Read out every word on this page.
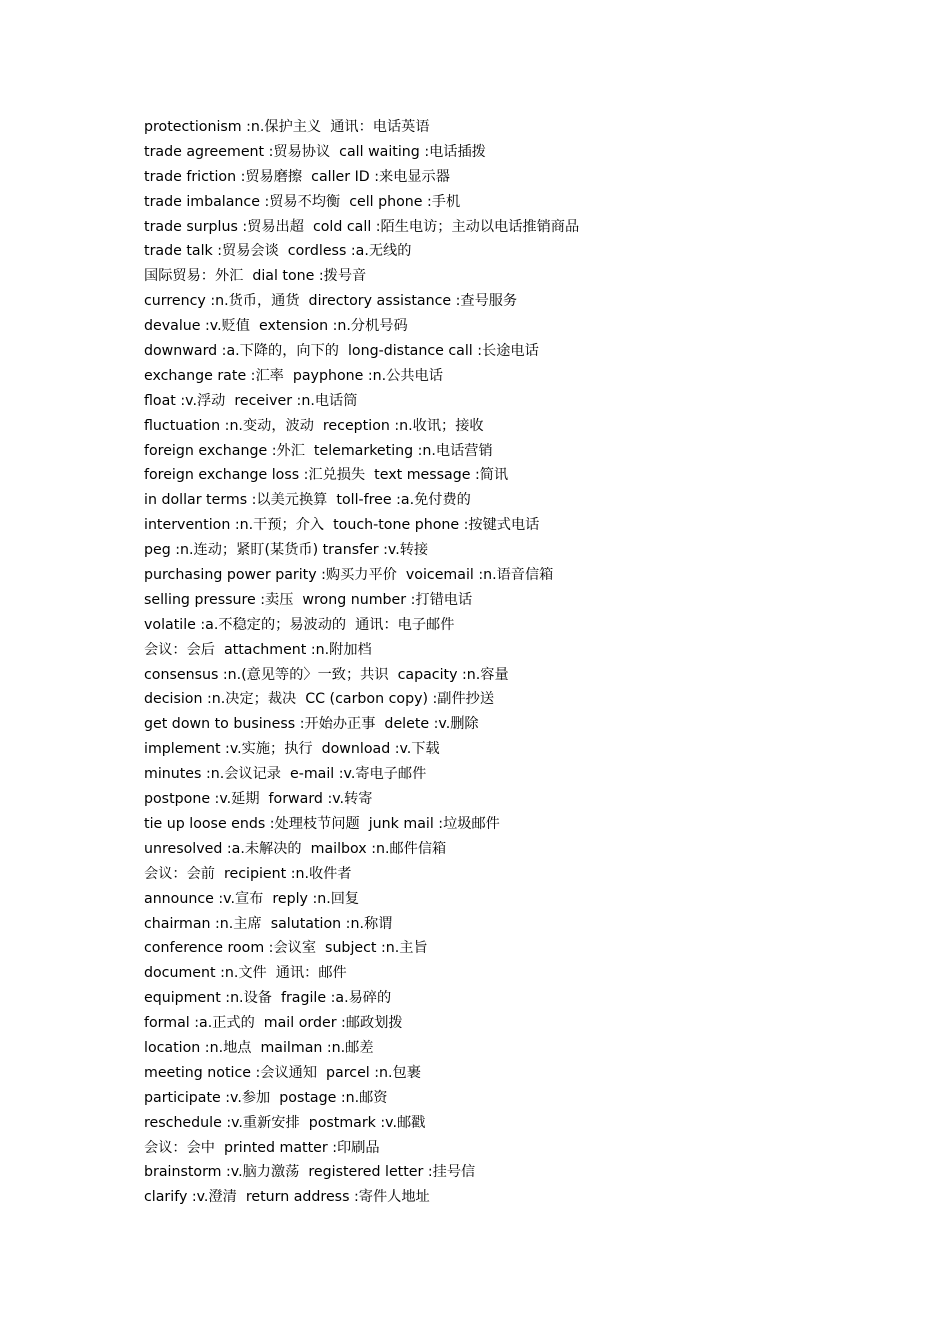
protectionism :n.保护主义  通讯：电话英语
trade agreement :贸易协议  call waiting :电话插拨
trade friction :贸易磨擦  caller ID :来电显示器
trade imbalance :贸易不均衡  cell phone :手机
trade surplus :贸易出超  cold call :陌生电访；主动以电话推销商品
trade talk :贸易会谈  cordless :a.无线的
国际贸易：外汇  dial tone :拨号音
currency :n.货币，通货  directory assistance :查号服务
devalue :v.贬值  extension :n.分机号码
downward :a.下降的，向下的  long-distance call :长途电话
exchange rate :汇率  payphone :n.公共电话
float :v.浮动  receiver :n.电话筒
fluctuation :n.变动，波动  reception :n.收讯；接收
foreign exchange :外汇  telemarketing :n.电话营销
foreign exchange loss :汇兑损失  text message :简讯
in dollar terms :以美元换算  toll-free :a.免付费的
intervention :n.干预；介入  touch-tone phone :按键式电话
peg :n.连动；紧盯(某货币) transfer :v.转接
purchasing power parity :购买力平价  voicemail :n.语音信箱
selling pressure :卖压  wrong number :打错电话
volatile :a.不稳定的；易波动的  通讯：电子邮件
会议：会后  attachment :n.附加档
consensus :n.(意见等的〉一致；共识  capacity :n.容量
decision :n.决定；裁决  CC (carbon copy) :副件抄送
get down to business :开始办正事  delete :v.删除
implement :v.实施；执行  download :v.下载
minutes :n.会议记录  e-mail :v.寄电子邮件
postpone :v.延期  forward :v.转寄
tie up loose ends :处理枝节问题  junk mail :垃圾邮件
unresolved :a.未解决的  mailbox :n.邮件信箱
会议：会前  recipient :n.收件者
announce :v.宣布  reply :n.回复
chairman :n.主席  salutation :n.称谓
conference room :会议室  subject :n.主旨
document :n.文件  通讯：邮件
equipment :n.设备  fragile :a.易碎的
formal :a.正式的  mail order :邮政划拨
location :n.地点  mailman :n.邮差
meeting notice :会议通知  parcel :n.包裹
participate :v.参加  postage :n.邮资
reschedule :v.重新安排  postmark :v.邮戳
会议：会中  printed matter :印刷品
brainstorm :v.脑力激荡  registered letter :挂号信
clarify :v.澄清  return address :寄件人地址
